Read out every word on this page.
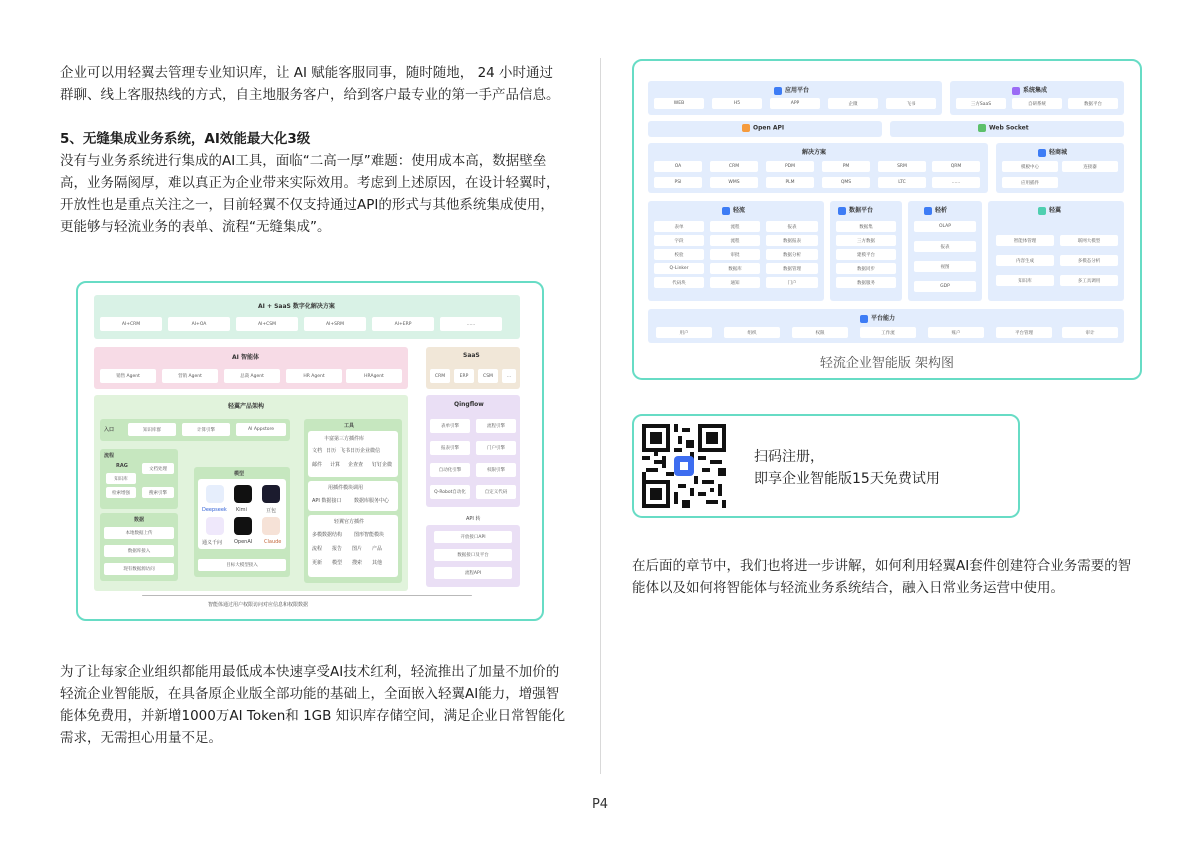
企业可以用轻翼去管理专业知识库，让 AI 赋能客服同事，随时随地， 24 小时通过群聊、线上客服热线的方式，自主地服务客户，给到客户最专业的第一手产品信息。
5、无缝集成业务系统，AI效能最大化3级
没有与业务系统进行集成的AI工具，面临“二高一厚”难题：使用成本高，数据壁垒高，业务隔阂厚，难以真正为企业带来实际效用。考虑到上述原因，在设计轻翼时，开放性也是重点关注之一，目前轻翼不仅支持通过API的形式与其他系统集成使用，更能够与轻流业务的表单、流程“无缝集成”。
AI + SaaS 数字化解决方案
AI+CRM	AI+OA	AI+CSM	AI+SRM	AI+ERP	......
AI 智能体
销售 Agent	营销 Agent	总裁 Agent	HR Agent	HRAgent
SaaS
CRM	ERP	CSM	...
轻翼产品架构
入口	知识库群	计算引擎	AI Appstore
流程
RAG
知识库
检索增强
文档处理
搜索引擎
模型
Deepseek Kimi	豆包
通义千问 OpenAI Claude
目标大模型接入
数据
本地数据上传
数据库接入
现有数据源访问
工具
丰富第三方插件库
文档 日历 飞书日历企业微信
邮件 计算 企查查 钉钉企微
用插件模块调用
API 数据接口	数据库服务中心
轻翼官方插件
多模数据结构 图形智能模块
流程 报告 图片 产品
更新 模型 搜索 其他
Qingflow
表单引擎	流程引擎
报表引擎	门户引擎
自动化引擎	权限引擎
Q-Robot自动化	自定义代码
API 转
开放接口API
数据接口及平台
流程API
智能体通过用户权限访问对应信息和权限数据
为了让每家企业组织都能用最低成本快速享受AI技术红利，轻流推出了加量不加价的轻流企业智能版，在具备原企业版全部功能的基础上，全面嵌入轻翼AI能力，增强智能体免费用，并新增1000万AI Token和 1GB 知识库存储空间，满足企业日常智能化需求，无需担心用量不足。
应用平台
WEB	H5	APP	企微	飞书
系统集成
三方SaaS	自研系统	数据平台
Open API	Web Socket
解决方案
OA	CRM	PDM	PM	SRM	QRM
PSI	WMS	PLM	QMS	LTC	......
轻商城
模板中心	连接器
应用插件
轻流
表单
字段
校验
Q-Linker
代码块
流程
流程
审批
数据库
通知
报表
数据报表
数据分析
数据管理
门户
数据平台
数据集
三方数据
建模平台
数据同步
数据服务
轻析
OLAP
报表
视图
GDP
轻翼
智能体管理	联网大模型
内容生成	多模态分析
知识库	多工具调用
平台能力
用户	组织	权限	工作流	账户	平台管理	审计
轻流企业智能版 架构图
扫码注册，
即享企业智能版15天免费试用
在后面的章节中，我们也将进一步讲解，如何利用轻翼AI套件创建符合业务需要的智能体以及如何将智能体与轻流业务系统结合，融入日常业务运营中使用。
P4
